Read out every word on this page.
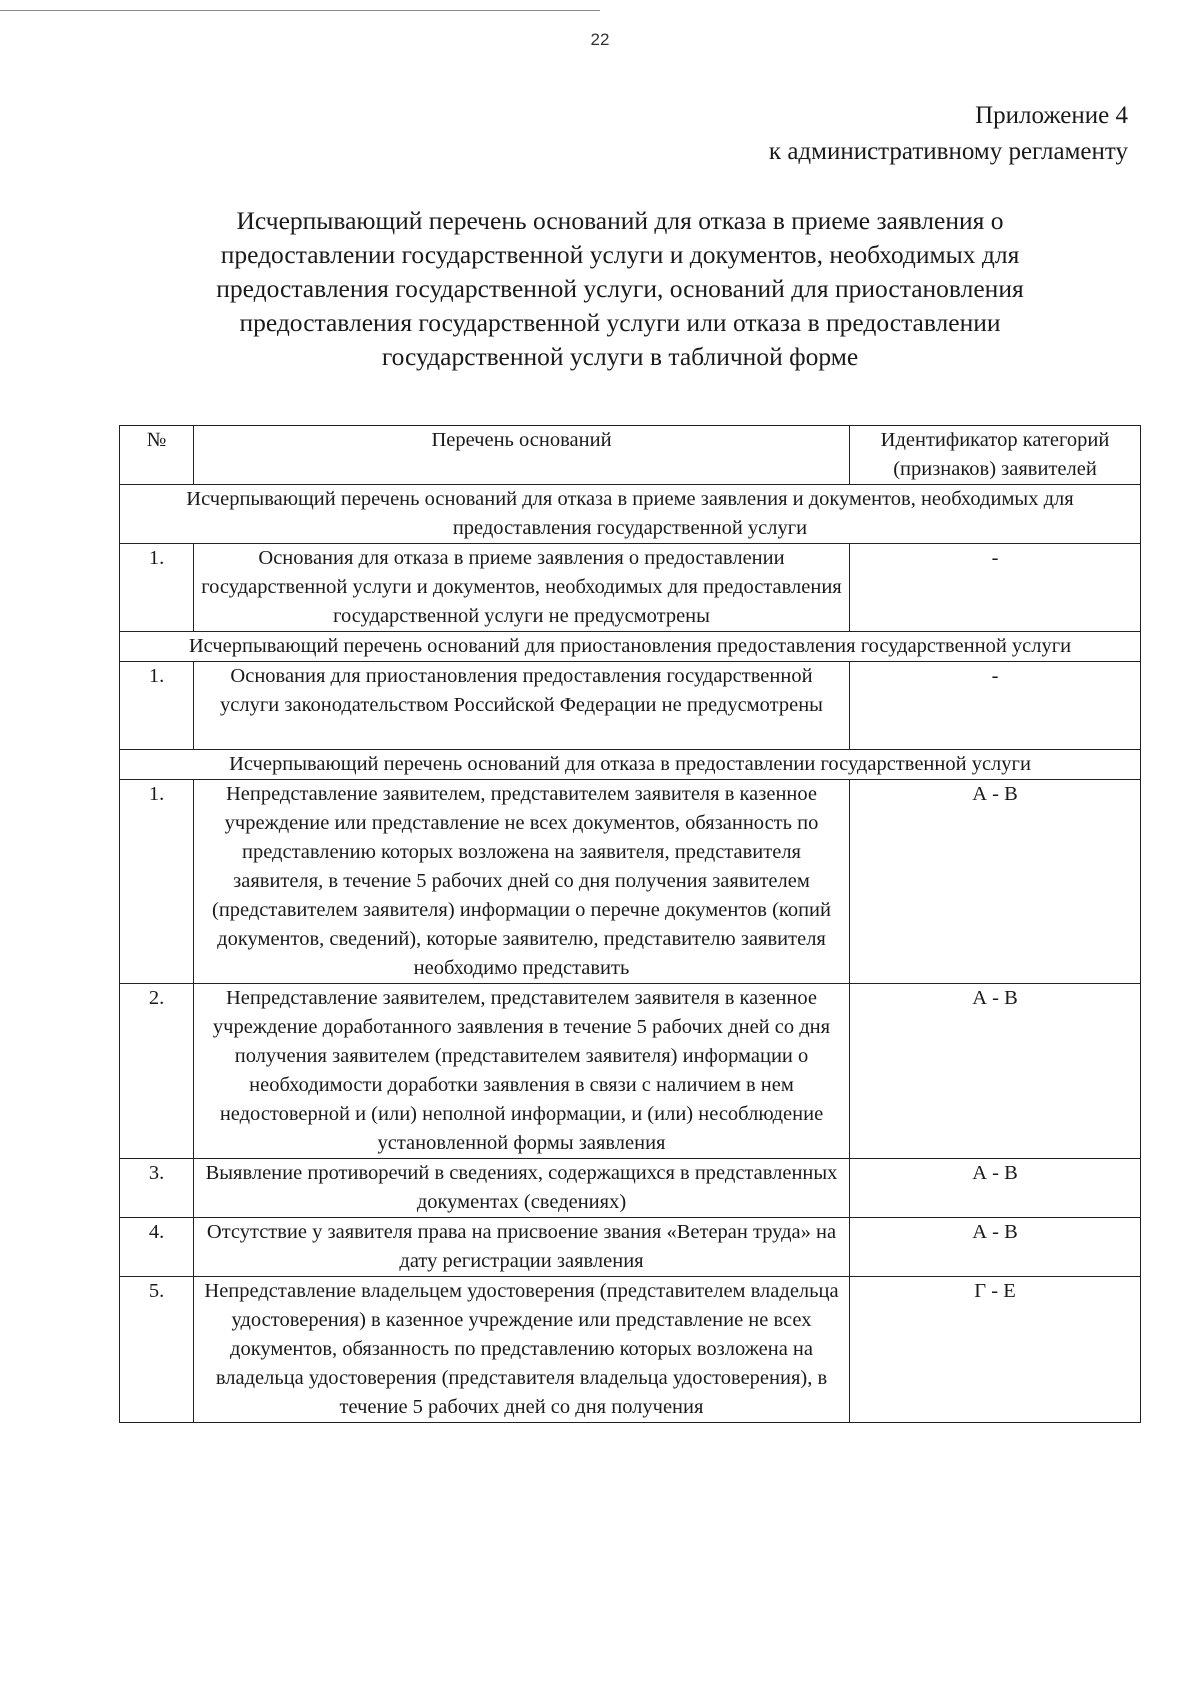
22
Приложение 4
к административному регламенту
Исчерпывающий перечень оснований для отказа в приеме заявления о
предоставлении государственной услуги и документов, необходимых для
предоставления государственной услуги, оснований для приостановления
предоставления государственной услуги или отказа в предоставлении
государственной услуги в табличной форме
№	Перечень оснований	Идентификатор категорий (признаков) заявителей
Исчерпывающий перечень оснований для отказа в приеме заявления и документов, необходимых для предоставления государственной услуги		
1.	Основания для отказа в приеме заявления о предоставлении государственной услуги и документов, необходимых для предоставления государственной услуги не предусмотрены	-
Исчерпывающий перечень оснований для приостановления предоставления государственной услуги		
1.	Основания для приостановления предоставления государственной услуги законодательством Российской Федерации не предусмотрены	-
Исчерпывающий перечень оснований для отказа в предоставлении государственной услуги		
1.	Непредставление заявителем, представителем заявителя в казенное учреждение или представление не всех документов, обязанность по представлению которых возложена на заявителя, представителя заявителя, в течение 5 рабочих дней со дня получения заявителем (представителем заявителя) информации о перечне документов (копий документов, сведений), которые заявителю, представителю заявителя необходимо представить	А - В
2.	Непредставление заявителем, представителем заявителя в казенное учреждение доработанного заявления в течение 5 рабочих дней со дня получения заявителем (представителем заявителя) информации о необходимости доработки заявления в связи с наличием в нем недостоверной и (или) неполной информации, и (или) несоблюдение установленной формы заявления	А - В
3.	Выявление противоречий в сведениях, содержащихся в представленных документах (сведениях)	А - В
4.	Отсутствие у заявителя права на присвоение звания «Ветеран труда» на дату регистрации заявления	А - В
5.	Непредставление владельцем удостоверения (представителем владельца удостоверения) в казенное учреждение или представление не всех документов, обязанность по представлению которых возложена на владельца удостоверения (представителя владельца удостоверения), в течение 5 рабочих дней со дня получения	Г - Е
